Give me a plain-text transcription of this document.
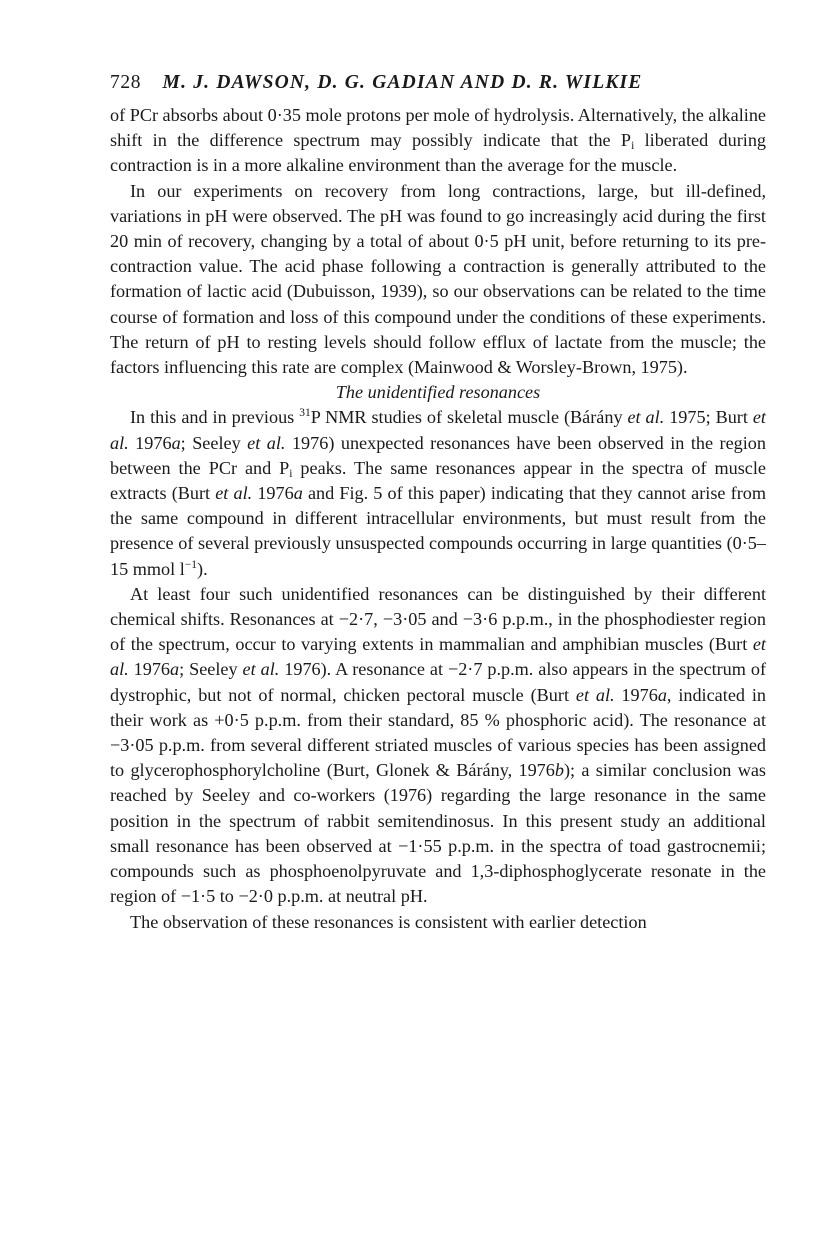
728 M. J. DAWSON, D. G. GADIAN AND D. R. WILKIE

of PCr absorbs about 0·35 mole protons per mole of hydrolysis. Alternatively, the alkaline shift in the difference spectrum may possibly indicate that the $P_i$ liberated during contraction is in a more alkaline environment than the average for the muscle.

In our experiments on recovery from long contractions, large, but ill-defined, variations in pH were observed. The pH was found to go increasingly acid during the first 20 min of recovery, changing by a total of about 0·5 pH unit, before returning to its pre-contraction value. The acid phase following a contraction is generally attributed to the formation of lactic acid (Dubuisson, 1939), so our observations can be related to the time course of formation and loss of this compound under the conditions of these experiments. The return of pH to resting levels should follow efflux of lactate from the muscle; the factors influencing this rate are complex (Mainwood & Worsley-Brown, 1975).

The unidentified resonances

In this and in previous $^{31}$P NMR studies of skeletal muscle (Bárány et al. 1975; Burt et al. 1976a; Seeley et al. 1976) unexpected resonances have been observed in the region between the PCr and $P_i$ peaks. The same resonances appear in the spectra of muscle extracts (Burt et al. 1976a and Fig. 5 of this paper) indicating that they cannot arise from the same compound in different intracellular environments, but must result from the presence of several previously unsuspected compounds occurring in large quantities (0·5–15 mmol $l^{-1}$).

At least four such unidentified resonances can be distinguished by their different chemical shifts. Resonances at −2·7, −3·05 and −3·6 p.p.m., in the phosphodiester region of the spectrum, occur to varying extents in mammalian and amphibian muscles (Burt et al. 1976a; Seeley et al. 1976). A resonance at −2·7 p.p.m. also appears in the spectrum of dystrophic, but not of normal, chicken pectoral muscle (Burt et al. 1976a, indicated in their work as +0·5 p.p.m. from their standard, 85 % phosphoric acid). The resonance at −3·05 p.p.m. from several different striated muscles of various species has been assigned to glycerophosphorylcholine (Burt, Glonek & Bárány, 1976b); a similar conclusion was reached by Seeley and co-workers (1976) regarding the large resonance in the same position in the spectrum of rabbit semitendinosus. In this present study an additional small resonance has been observed at −1·55 p.p.m. in the spectra of toad gastrocnemii; compounds such as phosphoenolpyruvate and 1,3-diphosphoglycerate resonate in the region of −1·5 to −2·0 p.p.m. at neutral pH.

The observation of these resonances is consistent with earlier detection
